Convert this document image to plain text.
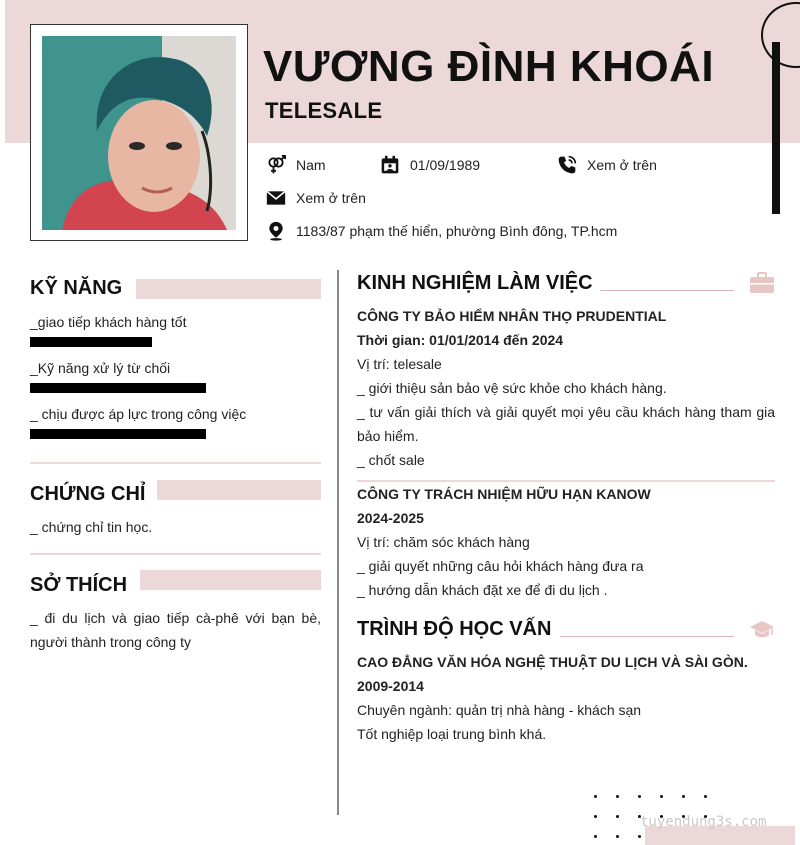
VƯƠNG ĐÌNH KHOÁI
TELESALE
Nam	01/09/1989	Xem ở trên
Xem ở trên
1183/87 phạm thế hiển, phường Bình đông, TP.hcm
KỸ NĂNG
_giao tiếp khách hàng tốt
_Kỹ năng xử lý từ chối
_ chịu được áp lực trong công việc
CHỨNG CHỈ
_ chứng chỉ tin học.
SỞ THÍCH
_ đi du lịch và giao tiếp cà-phê với bạn bè,
người thành trong công ty
KINH NGHIỆM LÀM VIỆC
CÔNG TY BẢO HIỂM NHÂN THỌ PRUDENTIAL
Thời gian: 01/01/2014 đến 2024
Vị trí: telesale
_ giới thiệu sản bảo vệ sức khỏe cho khách hàng.
_ tư vấn giải thích và giải quyết mọi yêu cầu khách hàng tham gia
bảo hiểm.
_ chốt sale
CÔNG TY TRÁCH NHIỆM HỮU HẠN KANOW
2024-2025
Vị trí: chăm sóc khách hàng
_ giải quyết những câu hỏi khách hàng đưa ra
_ hướng dẫn khách đặt xe để đi du lịch .
TRÌNH ĐỘ HỌC VẤN
CAO ĐẲNG VĂN HÓA NGHỆ THUẬT DU LỊCH VÀ SÀI GÒN.
2009-2014
Chuyên ngành: quản trị nhà hàng - khách sạn
Tốt nghiệp loại trung bình khá.
tuyendung3s.com
